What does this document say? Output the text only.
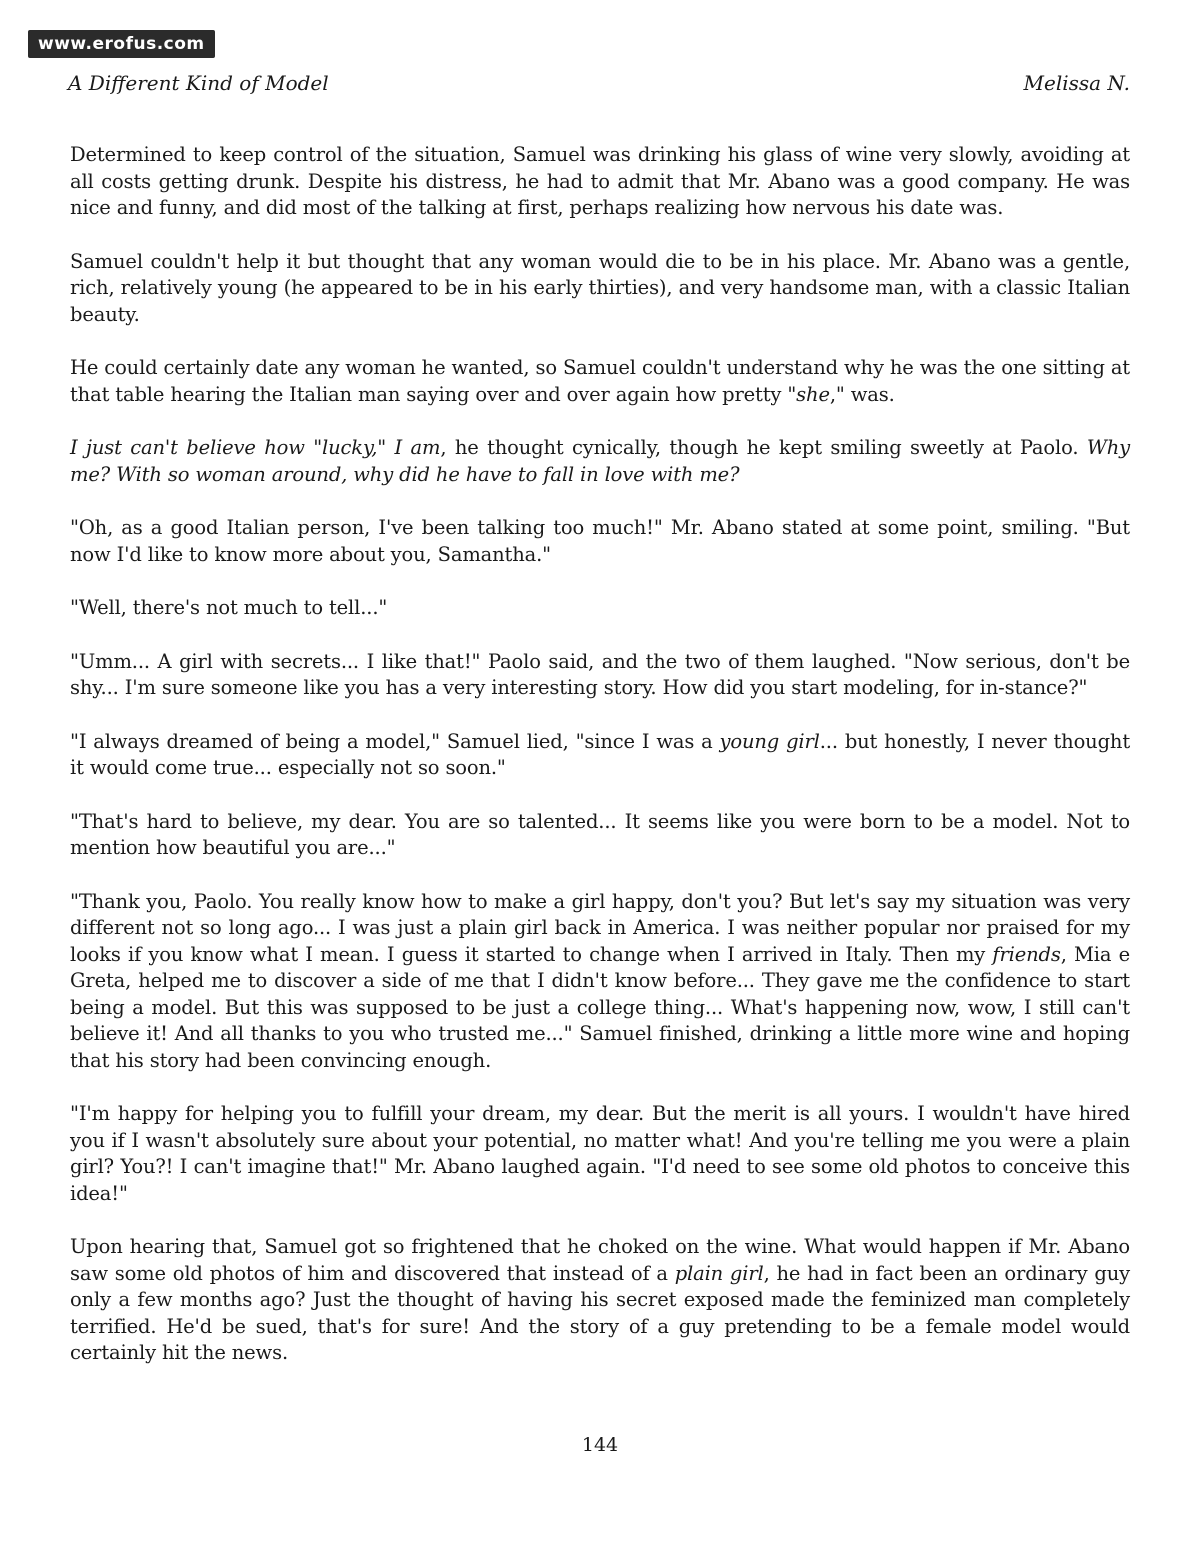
www.erofus.com
A Different Kind of Model	Melissa N.

Determined to keep control of the situation, Samuel was drinking his glass of wine very slowly, avoiding at all costs getting drunk. Despite his distress, he had to admit that Mr. Abano was a good company. He was nice and funny, and did most of the talking at first, perhaps realizing how nervous his date was.

Samuel couldn't help it but thought that any woman would die to be in his place. Mr. Abano was a gentle, rich, relatively young (he appeared to be in his early thirties), and very handsome man, with a classic Italian beauty.

He could certainly date any woman he wanted, so Samuel couldn't understand why he was the one sitting at that table hearing the Italian man saying over and over again how pretty "she," was.

I just can't believe how "lucky," I am, he thought cynically, though he kept smiling sweetly at Paolo. Why me? With so woman around, why did he have to fall in love with me?

"Oh, as a good Italian person, I've been talking too much!" Mr. Abano stated at some point, smiling. "But now I'd like to know more about you, Samantha."

"Well, there's not much to tell..."

"Umm... A girl with secrets... I like that!" Paolo said, and the two of them laughed. "Now serious, don't be shy... I'm sure someone like you has a very interesting story. How did you start modeling, for in-stance?"

"I always dreamed of being a model," Samuel lied, "since I was a young girl... but honestly, I never thought it would come true... especially not so soon."

"That's hard to believe, my dear. You are so talented... It seems like you were born to be a model. Not to mention how beautiful you are..."

"Thank you, Paolo. You really know how to make a girl happy, don't you? But let's say my situation was very different not so long ago... I was just a plain girl back in America. I was neither popular nor praised for my looks if you know what I mean. I guess it started to change when I arrived in Italy. Then my friends, Mia e Greta, helped me to discover a side of me that I didn't know before... They gave me the confidence to start being a model. But this was supposed to be just a college thing... What's happening now, wow, I still can't believe it! And all thanks to you who trusted me..." Samuel finished, drinking a little more wine and hoping that his story had been convincing enough.

"I'm happy for helping you to fulfill your dream, my dear. But the merit is all yours. I wouldn't have hired you if I wasn't absolutely sure about your potential, no matter what! And you're telling me you were a plain girl? You?! I can't imagine that!" Mr. Abano laughed again. "I'd need to see some old photos to conceive this idea!"

Upon hearing that, Samuel got so frightened that he choked on the wine. What would happen if Mr. Abano saw some old photos of him and discovered that instead of a plain girl, he had in fact been an ordinary guy only a few months ago? Just the thought of having his secret exposed made the feminized man completely terrified. He'd be sued, that's for sure! And the story of a guy pretending to be a female model would certainly hit the news.

144
